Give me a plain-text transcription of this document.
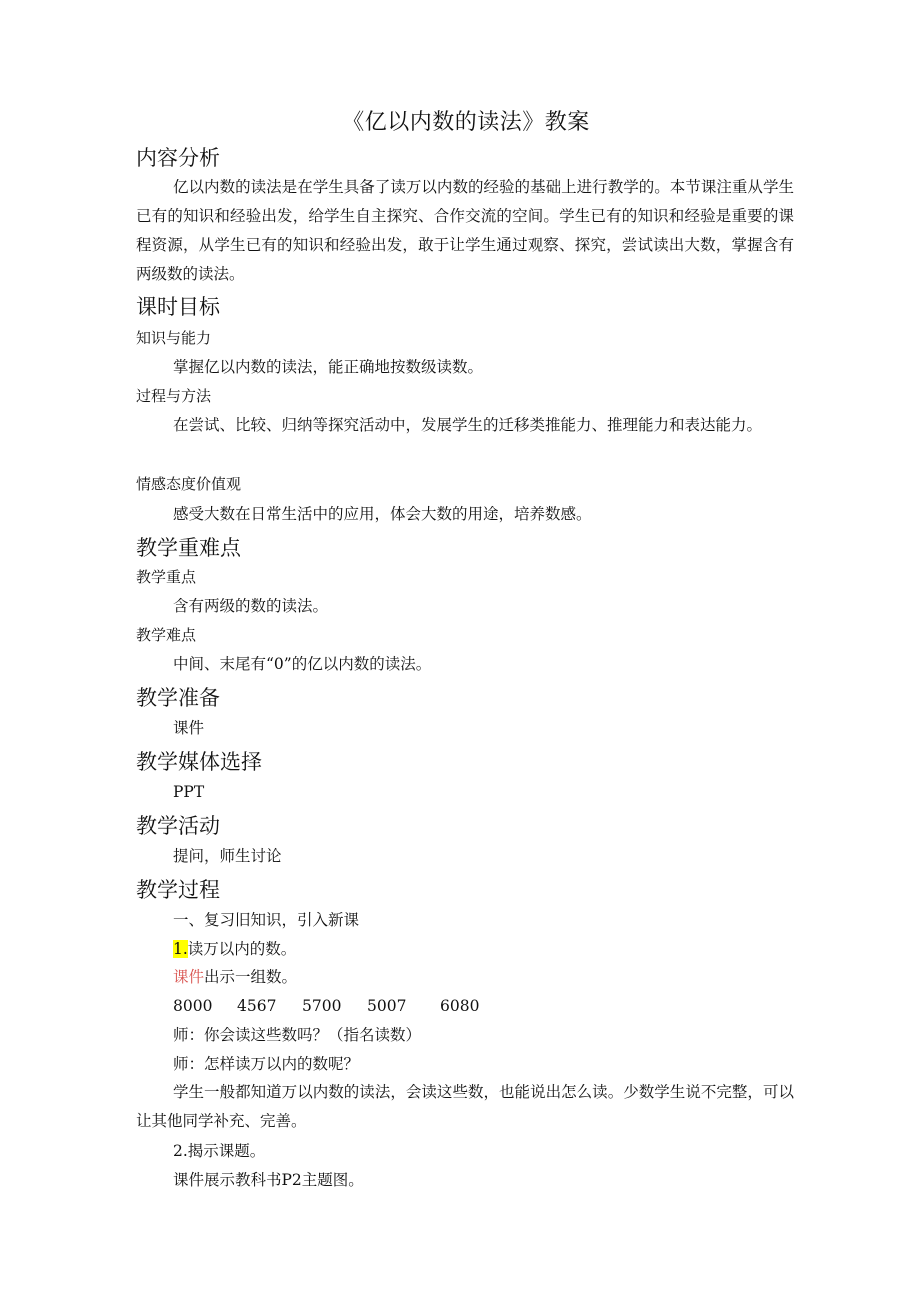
《亿以内数的读法》教案
内容分析
亿以内数的读法是在学生具备了读万以内数的经验的基础上进行教学的。本节课注重从学生已有的知识和经验出发，给学生自主探究、合作交流的空间。学生已有的知识和经验是重要的课程资源，从学生已有的知识和经验出发，敢于让学生通过观察、探究，尝试读出大数，掌握含有两级数的读法。
课时目标
知识与能力
掌握亿以内数的读法，能正确地按数级读数。
过程与方法
在尝试、比较、归纳等探究活动中，发展学生的迁移类推能力、推理能力和表达能力。
情感态度价值观
感受大数在日常生活中的应用，体会大数的用途，培养数感。
教学重难点
教学重点
含有两级的数的读法。
教学难点
中间、末尾有“0”的亿以内数的读法。
教学准备
课件
教学媒体选择
PPT
教学活动
提问，师生讨论
教学过程
一、复习旧知识，引入新课
1.读万以内的数。
课件出示一组数。
8000 4567 5700 5007 6080
师：你会读这些数吗？（指名读数）
师：怎样读万以内的数呢？
学生一般都知道万以内数的读法，会读这些数，也能说出怎么读。少数学生说不完整，可以让其他同学补充、完善。
2.揭示课题。
课件展示教科书P2主题图。
